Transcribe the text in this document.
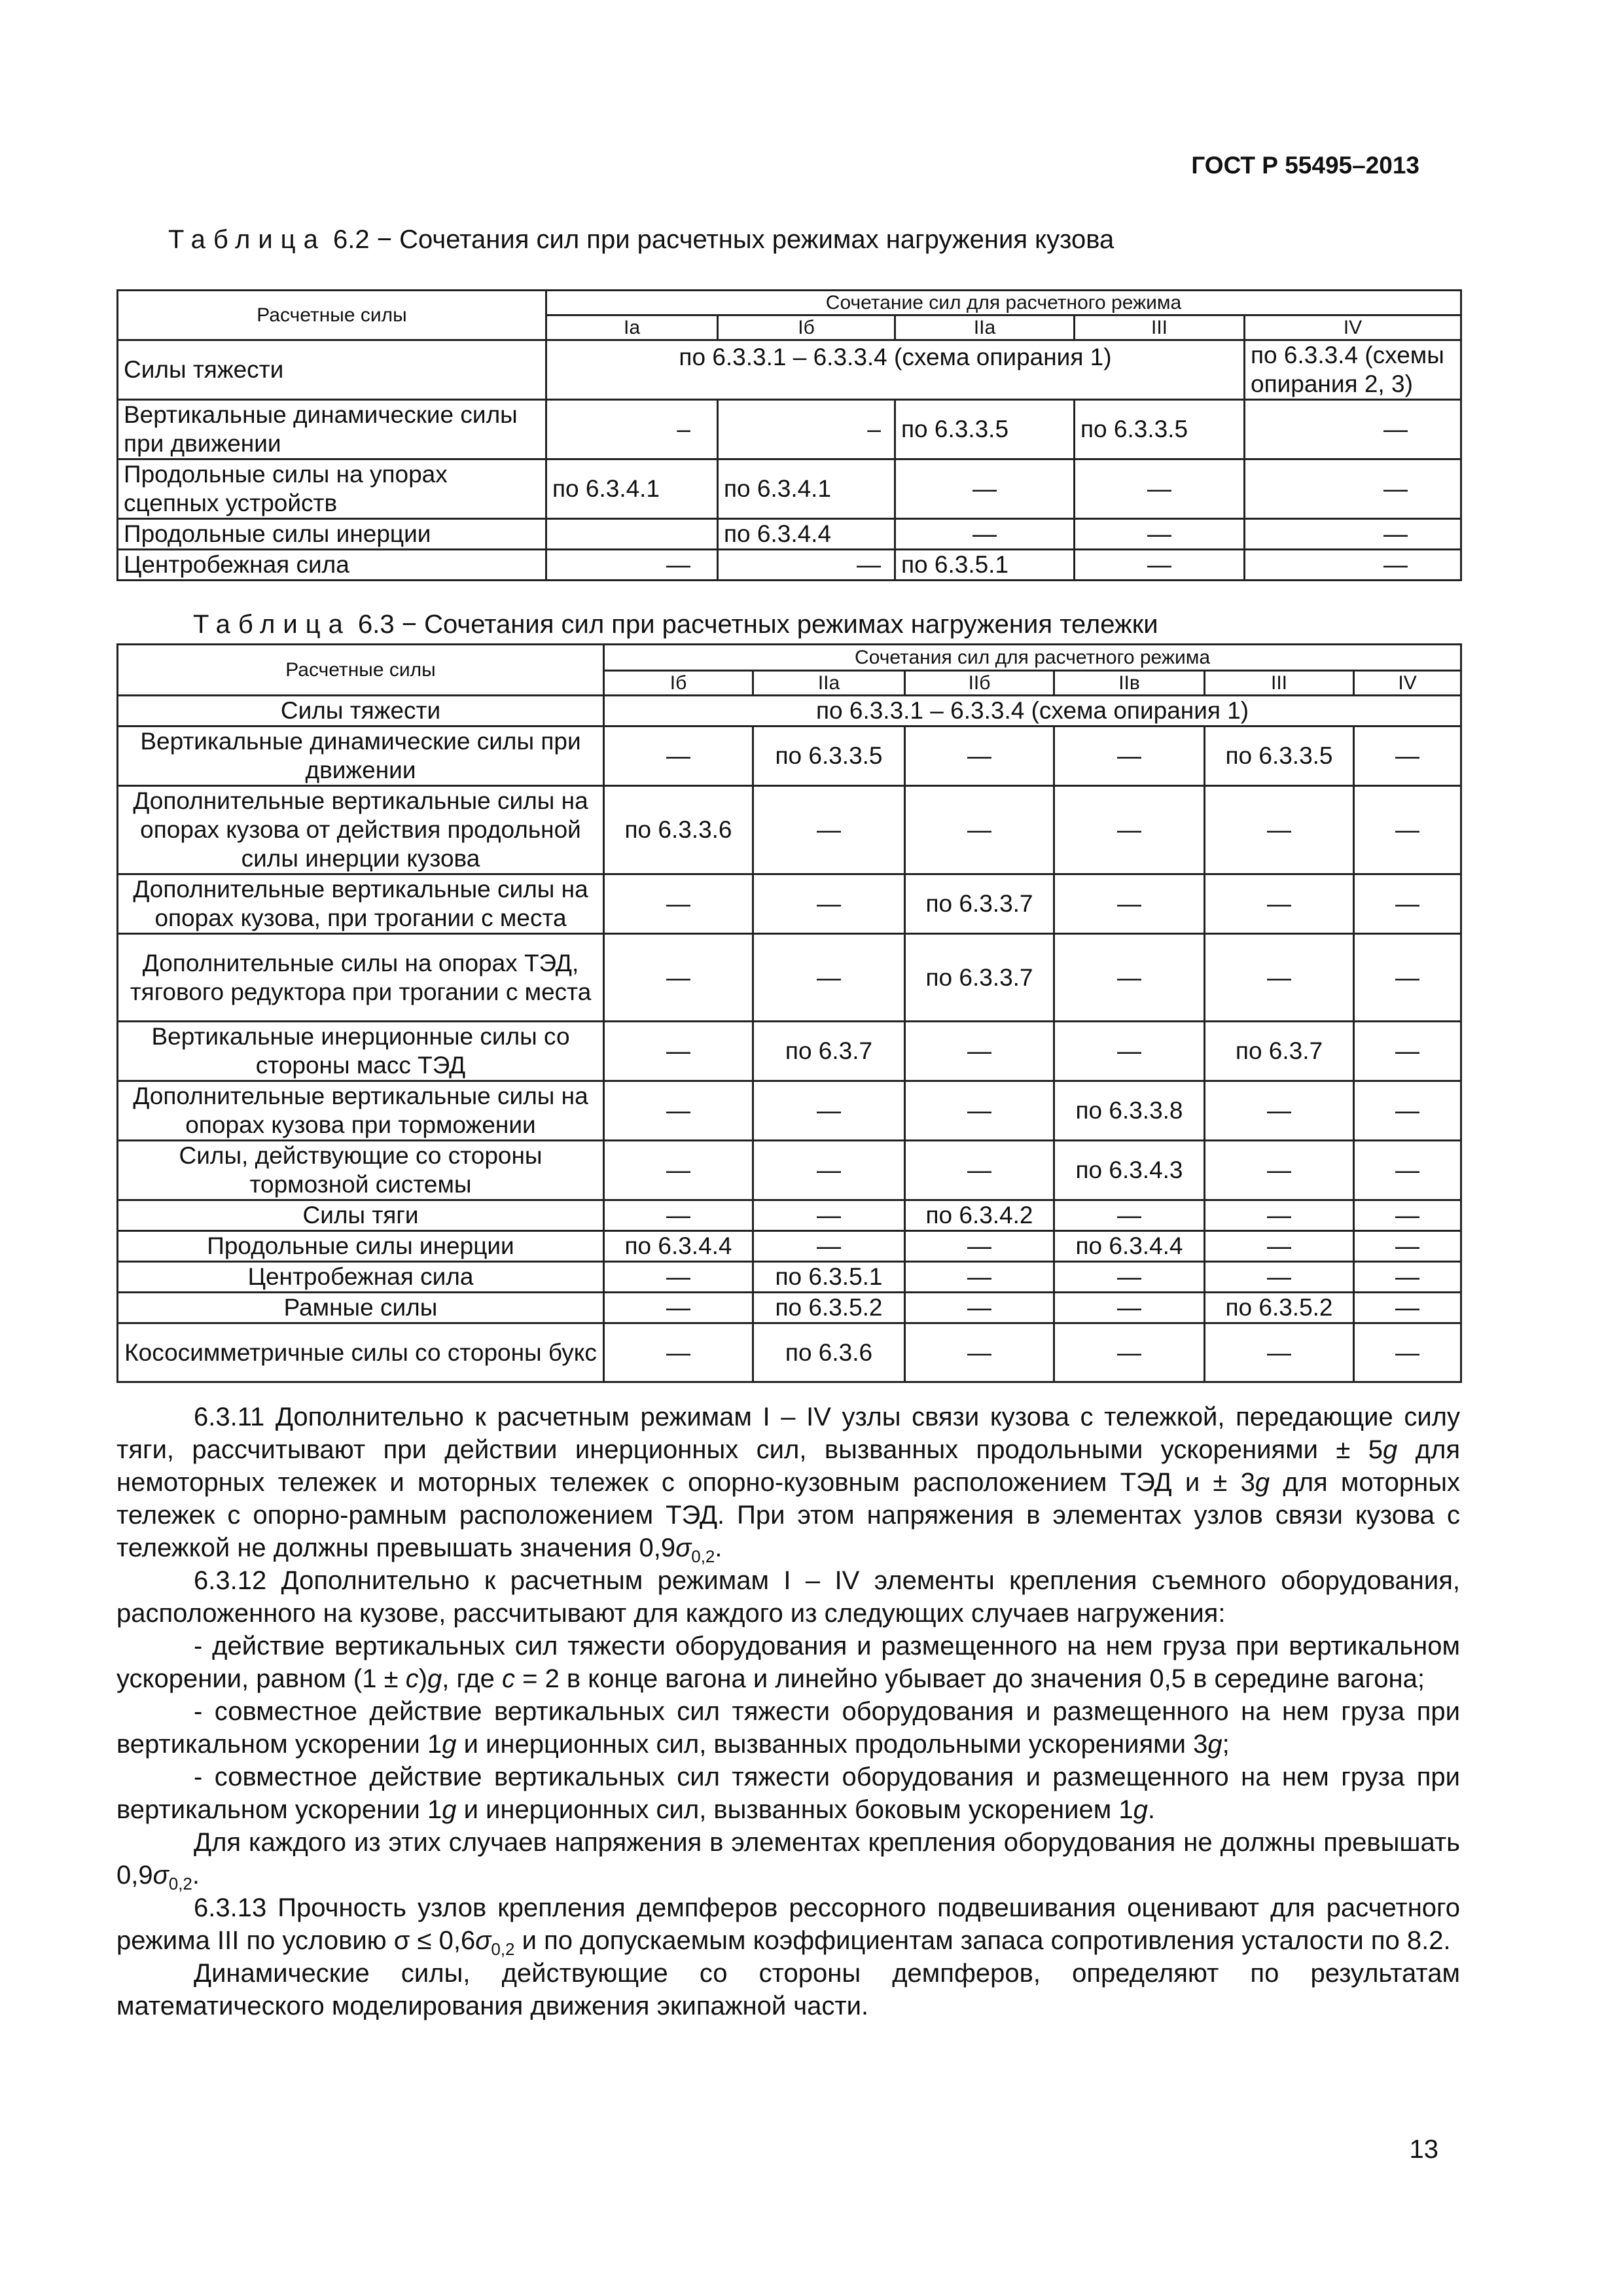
ГОСТ Р 55495–2013
Таблица 6.2 − Сочетания сил при расчетных режимах нагружения кузова
Расчетные силы	Сочетание сил для расчетного режима				
	Iа	Iб	IIа	III	IV
Силы тяжести	по 6.3.3.1 – 6.3.3.4 (схема опирания 1)				по 6.3.3.4 (схемы опирания 2, 3)
Вертикальные динамические силы при движении	–	–	по 6.3.3.5	по 6.3.3.5	—
Продольные силы на упорах сцепных устройств	по 6.3.4.1	по 6.3.4.1	—	—	—
Продольные силы инерции		по 6.3.4.4	—	—	—
Центробежная сила	—	—	по 6.3.5.1	—	—
Таблица 6.3 − Сочетания сил при расчетных режимах нагружения тележки
Расчетные силы	Сочетания сил для расчетного режима					
	Iб	IIа	IIб	IIв	III	IV
Силы тяжести	по 6.3.3.1 – 6.3.3.4 (схема опирания 1)					
Вертикальные динамические силы при движении	—	по 6.3.3.5	—	—	по 6.3.3.5	—
Дополнительные вертикальные силы на опорах кузова от действия продольной силы инерции кузова	по 6.3.3.6	—	—	—	—	—
Дополнительные вертикальные силы на опорах кузова, при трогании с места	—	—	по 6.3.3.7	—	—	—
Дополнительные силы на опорах ТЭД, тягового редуктора при трогании с места	—	—	по 6.3.3.7	—	—	—
Вертикальные инерционные силы со стороны масс ТЭД	—	по 6.3.7	—	—	по 6.3.7	—
Дополнительные вертикальные силы на опорах кузова при торможении	—	—	—	по 6.3.3.8	—	—
Силы, действующие со стороны тормозной системы	—	—	—	по 6.3.4.3	—	—
Силы тяги	—	—	по 6.3.4.2	—	—	—
Продольные силы инерции	по 6.3.4.4	—	—	по 6.3.4.4	—	—
Центробежная сила	—	по 6.3.5.1	—	—	—	—
Рамные силы	—	по 6.3.5.2	—	—	по 6.3.5.2	—
Кососимметричные силы со стороны букс	—	по 6.3.6	—	—	—	—

6.3.11 Дополнительно к расчетным режимам I – IV узлы связи кузова с тележкой, передающие силу тяги, рассчитывают при действии инерционных сил, вызванных продольными ускорениями ± 5g для немоторных тележек и моторных тележек с опорно-кузовным расположением ТЭД и ± 3g для моторных тележек с опорно-рамным расположением ТЭД. При этом напряжения в элементах узлов связи кузова с тележкой не должны превышать значения $0,9\sigma_{0,2}$.

6.3.12 Дополнительно к расчетным режимам I – IV элементы крепления съемного оборудования, расположенного на кузове, рассчитывают для каждого из следующих случаев нагружения:

- действие вертикальных сил тяжести оборудования и размещенного на нем груза при вертикальном ускорении, равном (1 ± c)g, где c = 2 в конце вагона и линейно убывает до значения 0,5 в середине вагона;

- совместное действие вертикальных сил тяжести оборудования и размещенного на нем груза при вертикальном ускорении 1g и инерционных сил, вызванных продольными ускорениями 3g;

- совместное действие вертикальных сил тяжести оборудования и размещенного на нем груза при вертикальном ускорении 1g и инерционных сил, вызванных боковым ускорением 1g.

Для каждого из этих случаев напряжения в элементах крепления оборудования не должны превышать $0,9\sigma_{0,2}$.

6.3.13 Прочность узлов крепления демпферов рессорного подвешивания оценивают для расчетного режима III по условию $\sigma \le 0,6\sigma_{0,2}$ и по допускаемым коэффициентам запаса сопротивления усталости по 8.2.

Динамические силы, действующие со стороны демпферов, определяют по результатам математического моделирования движения экипажной части.

13
